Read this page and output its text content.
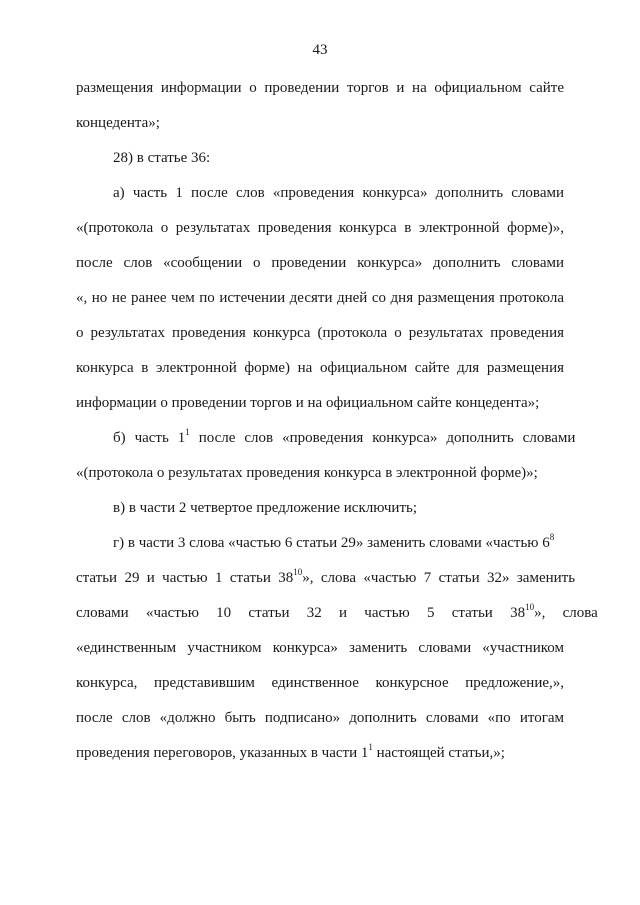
43
размещения информации о проведении торгов и на официальном сайте
концедента»;
28) в статье 36:
а) часть 1 после слов «проведения конкурса» дополнить словами
«(протокола о результатах проведения конкурса в электронной форме)»,
после слов «сообщении о проведении конкурса» дополнить словами
«, но не ранее чем по истечении десяти дней со дня размещения протокола
о результатах проведения конкурса (протокола о результатах проведения
конкурса в электронной форме) на официальном сайте для размещения
информации о проведении торгов и на официальном сайте концедента»;
б) часть $1^1$ после слов «проведения конкурса» дополнить словами
«(протокола о результатах проведения конкурса в электронной форме)»;
в) в части 2 четвертое предложение исключить;
г) в части 3 слова «частью 6 статьи 29» заменить словами «частью $6^8$
статьи 29 и частью 1 статьи $38^{10}$», слова «частью 7 статьи 32» заменить
словами «частью 10 статьи 32 и частью 5 статьи $38^{10}$», слова
«единственным участником конкурса» заменить словами «участником
конкурса, представившим единственное конкурсное предложение,»,
после слов «должно быть подписано» дополнить словами «по итогам
проведения переговоров, указанных в части $1^1$ настоящей статьи,»;
